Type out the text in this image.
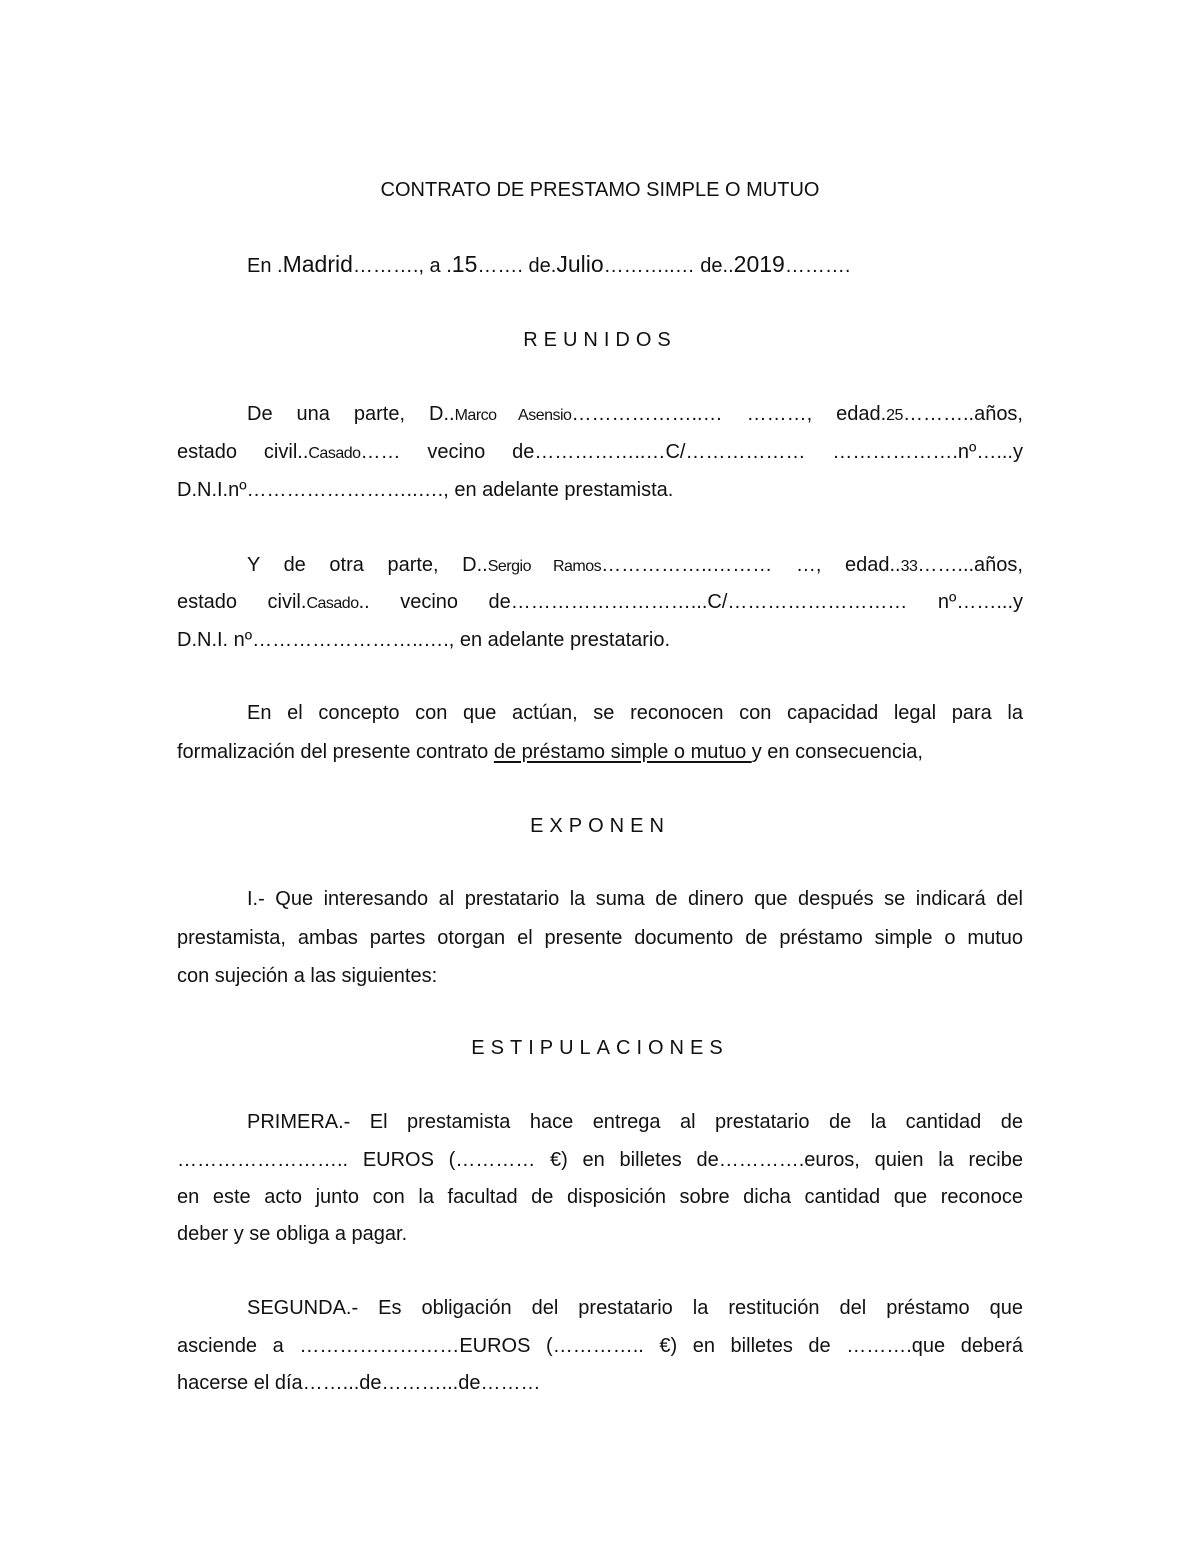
CONTRATO DE PRESTAMO SIMPLE O MUTUO
En .Madrid………., a .15……. de.Julio………..… de..2019……….
REUNIDOS
De una parte, D..Marco Asensio………………..… ………, edad.25………..años,
estado civil..Casado…… vecino de……………..…C/……………… ……………….nº…...y
D.N.I.nº……………………..…., en adelante prestamista.
Y de otra parte, D..Sergio Ramos……………..……… …, edad..33……...años,
estado civil.Casado.. vecino de………………………...C/……………………… nº……...y
D.N.I. nº……………………..…., en adelante prestatario.
En el concepto con que actúan, se reconocen con capacidad legal para la
formalización del presente contrato de préstamo simple o mutuo y en consecuencia,
EXPONEN
I.- Que interesando al prestatario la suma de dinero que después se indicará del
prestamista, ambas partes otorgan el presente documento de préstamo simple o mutuo
con sujeción a las siguientes:
ESTIPULACIONES
PRIMERA.- El prestamista hace entrega al prestatario de la cantidad de
…………………….. EUROS (………… €) en billetes de………….euros, quien la recibe
en este acto junto con la facultad de disposición sobre dicha cantidad que reconoce
deber y se obliga a pagar.
SEGUNDA.- Es obligación del prestatario la restitución del préstamo que
asciende a ……………………EUROS (………….. €) en billetes de ……….que deberá
hacerse el día……...de………...de………
